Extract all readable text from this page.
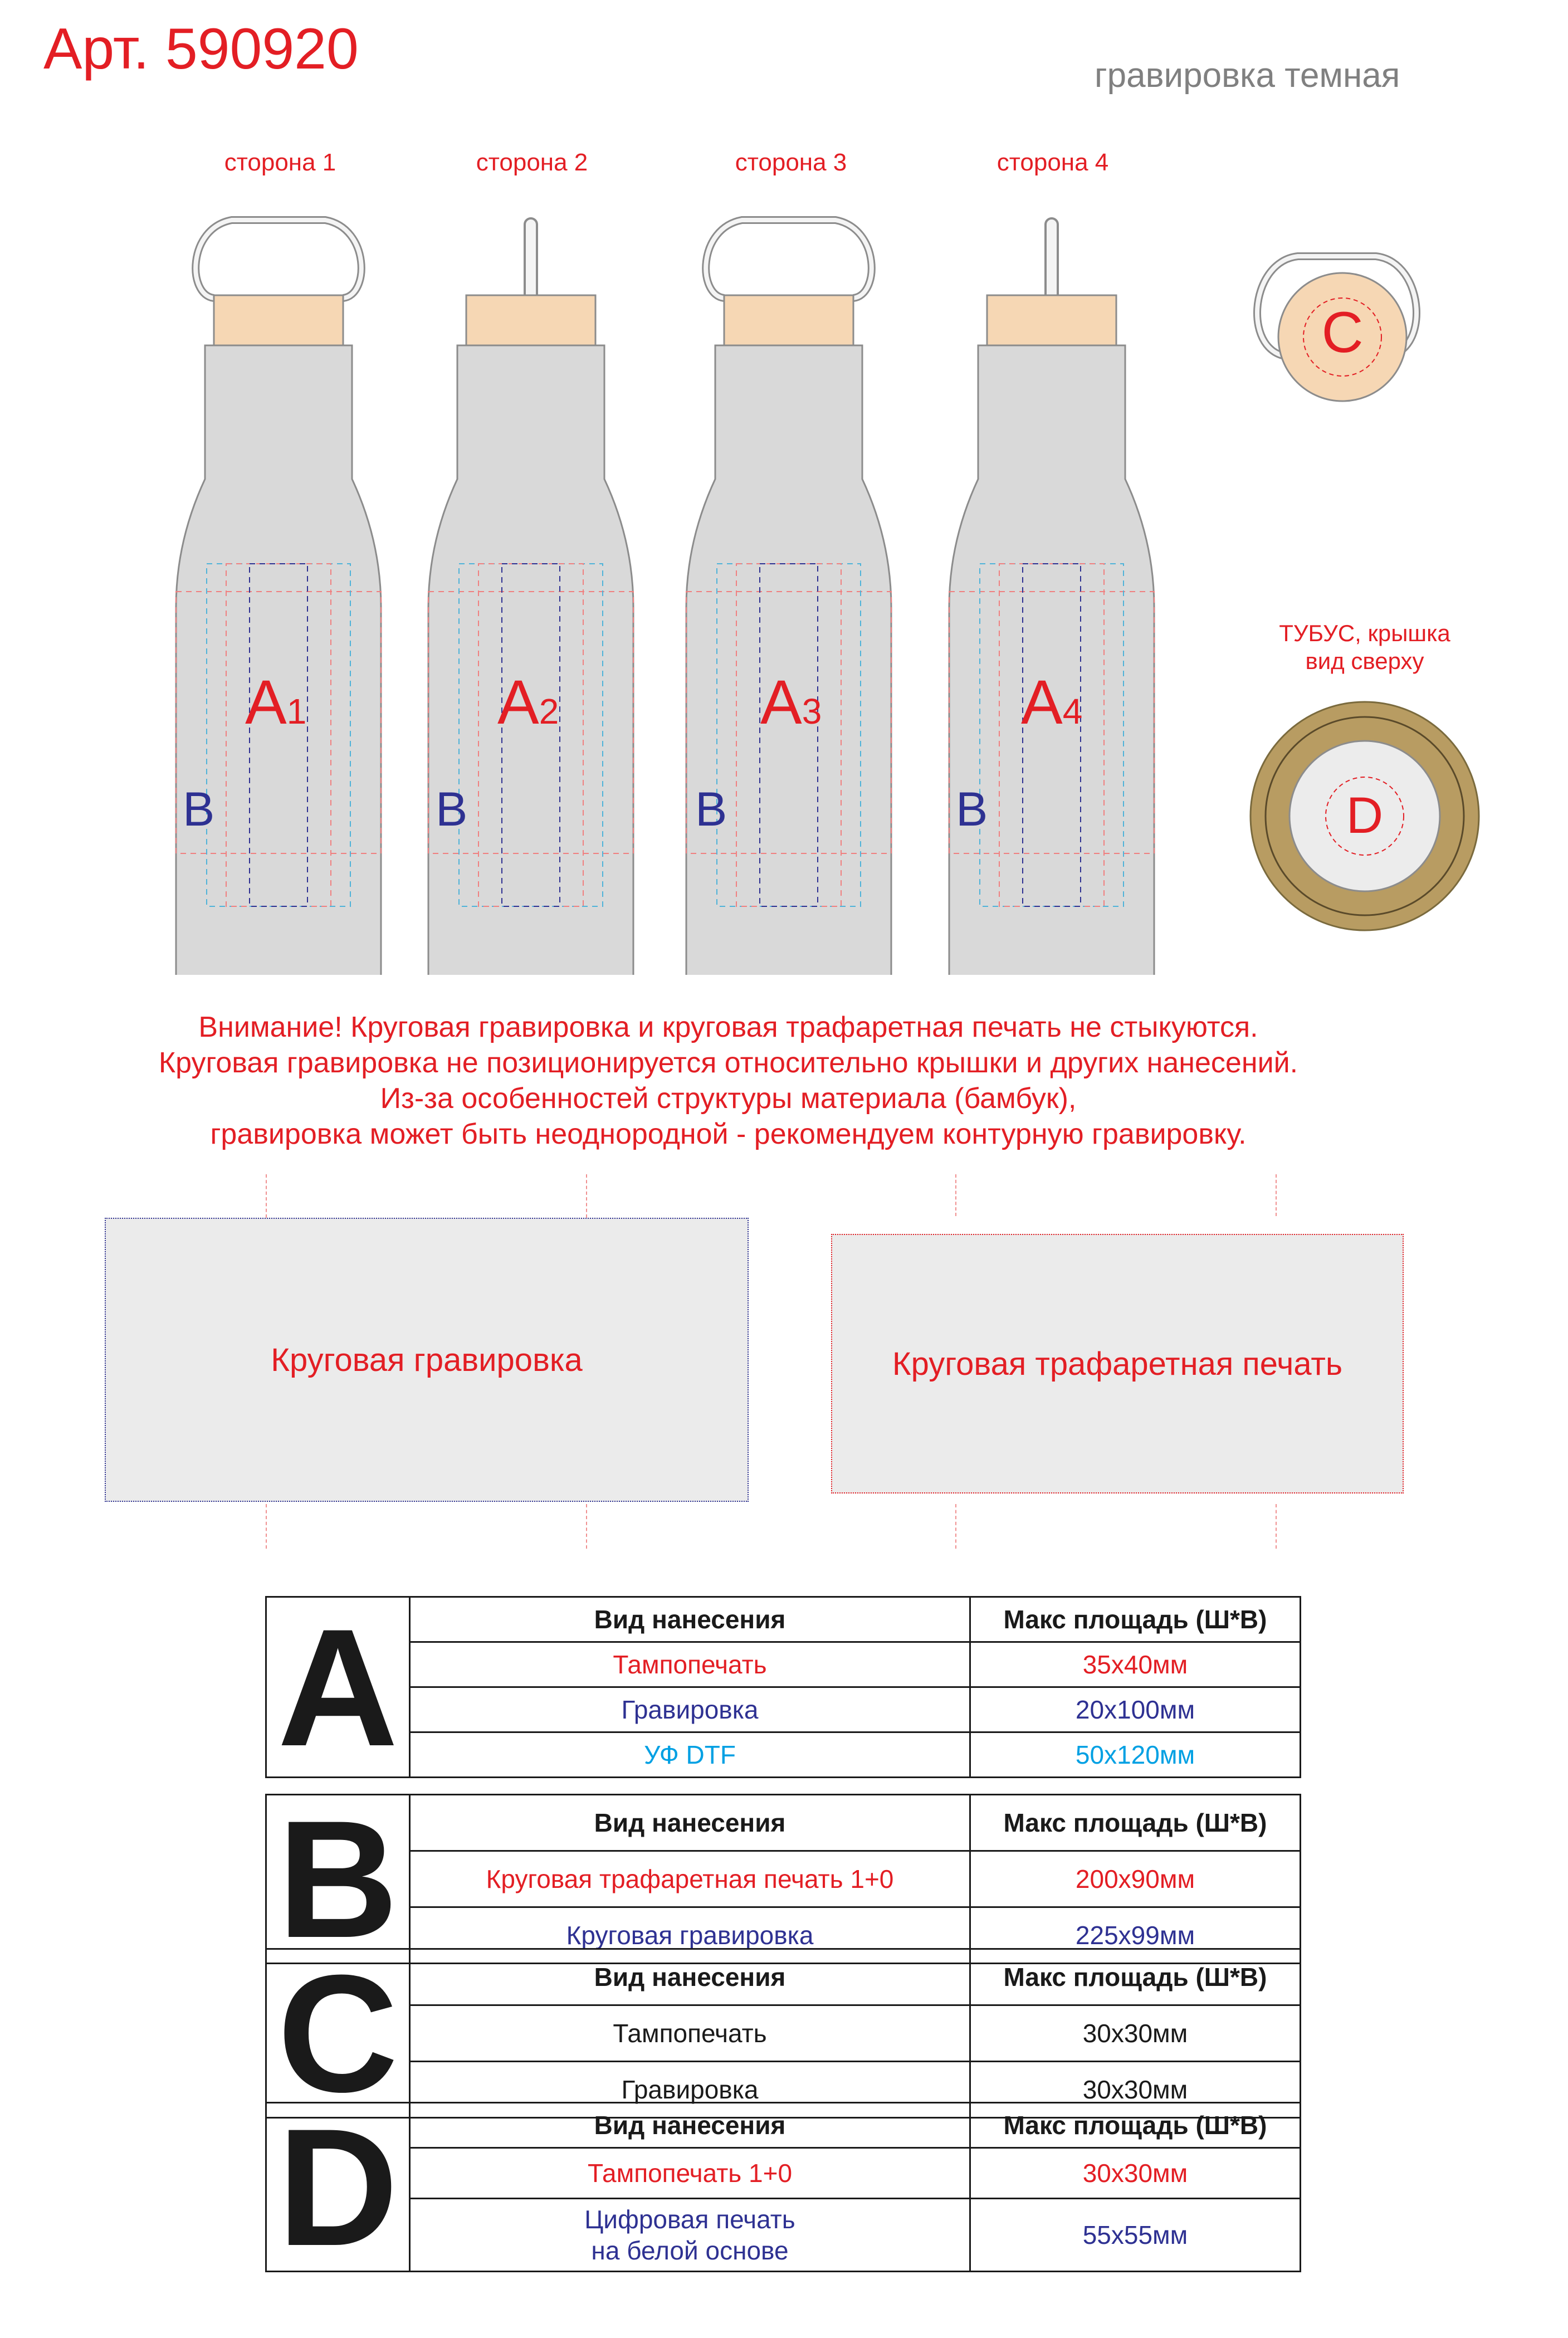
Арт. 590920	гравировка темная
сторона 1	сторона 2	сторона 3	сторона 4
A1	A2	A3	A4
B	B	B	B
C
ТУБУС, крышка
вид сверху
D
Внимание! Круговая гравировка и круговая трафаретная печать не стыкуются.
Круговая гравировка не позиционируется относительно крышки и других нанесений.
Из-за особенностей структуры материала (бамбук),
гравировка может быть неоднородной - рекомендуем контурную гравировку.
Круговая гравировка	Круговая трафаретная печать
A	Вид нанесения	Макс площадь (Ш*В)
	Тампопечать	35x40мм
	Гравировка	20x100мм
	УФ DTF	50x120мм
B	Вид нанесения	Макс площадь (Ш*В)
	Круговая трафаретная печать 1+0	200x90мм
	Круговая гравировка	225x99мм
C	Вид нанесения	Макс площадь (Ш*В)
	Тампопечать	30x30мм
	Гравировка	30x30мм
D	Вид нанесения	Макс площадь (Ш*В)
	Тампопечать 1+0	30x30мм

	Цифровая печать
на белой основе	55x55мм
